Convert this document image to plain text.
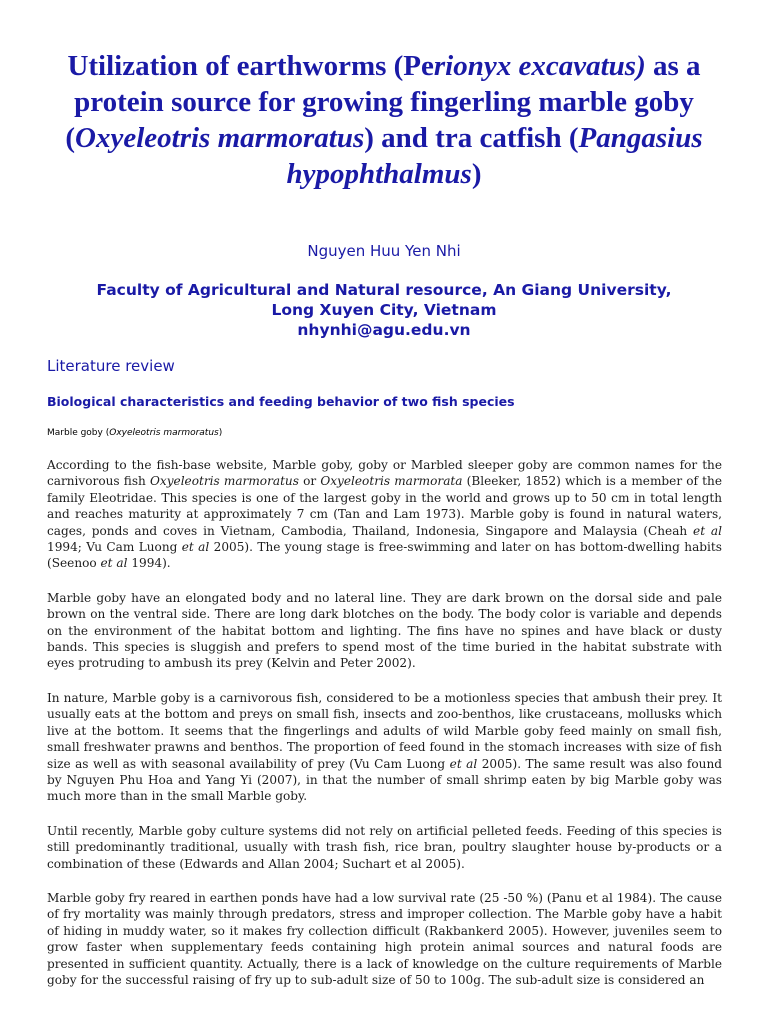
Utilization of earthworms (Perionyx excavatus) as a protein source for growing fingerling marble goby (Oxyeleotris marmoratus) and tra catfish (Pangasius hypophthalmus)
Nguyen Huu Yen Nhi
Faculty of Agricultural and Natural resource, An Giang University,
Long Xuyen City, Vietnam
nhynhi@agu.edu.vn
Literature review
Biological characteristics and feeding behavior of two fish species
Marble goby (Oxyeleotris marmoratus)

According to the fish-base website, Marble goby, goby or Marbled sleeper goby are common names for the carnivorous fish Oxyeleotris marmoratus or Oxyeleotris marmorata (Bleeker, 1852) which is a member of the family Eleotridae. This species is one of the largest goby in the world and grows up to 50 cm in total length and reaches maturity at approximately 7 cm (Tan and Lam 1973). Marble goby is found in natural waters, cages, ponds and coves in Vietnam, Cambodia, Thailand, Indonesia, Singapore and Malaysia (Cheah et al 1994; Vu Cam Luong et al 2005). The young stage is free-swimming and later on has bottom-dwelling habits (Seenoo et al 1994).

Marble goby have an elongated body and no lateral line. They are dark brown on the dorsal side and pale brown on the ventral side. There are long dark blotches on the body. The body color is variable and depends on the environment of the habitat bottom and lighting. The fins have no spines and have black or dusty bands. This species is sluggish and prefers to spend most of the time buried in the habitat substrate with eyes protruding to ambush its prey (Kelvin and Peter 2002).

In nature, Marble goby is a carnivorous fish, considered to be a motionless species that ambush their prey. It usually eats at the bottom and preys on small fish, insects and zoo-benthos, like crustaceans, mollusks which live at the bottom. It seems that the fingerlings and adults of wild Marble goby feed mainly on small fish, small freshwater prawns and benthos. The proportion of feed found in the stomach increases with size of fish size as well as with seasonal availability of prey (Vu Cam Luong et al 2005). The same result was also found by Nguyen Phu Hoa and Yang Yi (2007), in that the number of small shrimp eaten by big Marble goby was much more than in the small Marble goby.

Until recently, Marble goby culture systems did not rely on artificial pelleted feeds. Feeding of this species is still predominantly traditional, usually with trash fish, rice bran, poultry slaughter house by-products or a combination of these (Edwards and Allan 2004; Suchart et al 2005).

Marble goby fry reared in earthen ponds have had a low survival rate (25 -50 %) (Panu et al 1984). The cause of fry mortality was mainly through predators, stress and improper collection. The Marble goby have a habit of hiding in muddy water, so it makes fry collection difficult (Rakbankerd 2005). However, juveniles seem to grow faster when supplementary feeds containing high protein animal sources and natural foods are presented in sufficient quantity. Actually, there is a lack of knowledge on the culture requirements of Marble goby for the successful raising of fry up to sub-adult size of 50 to 100g. The sub-adult size is considered an
